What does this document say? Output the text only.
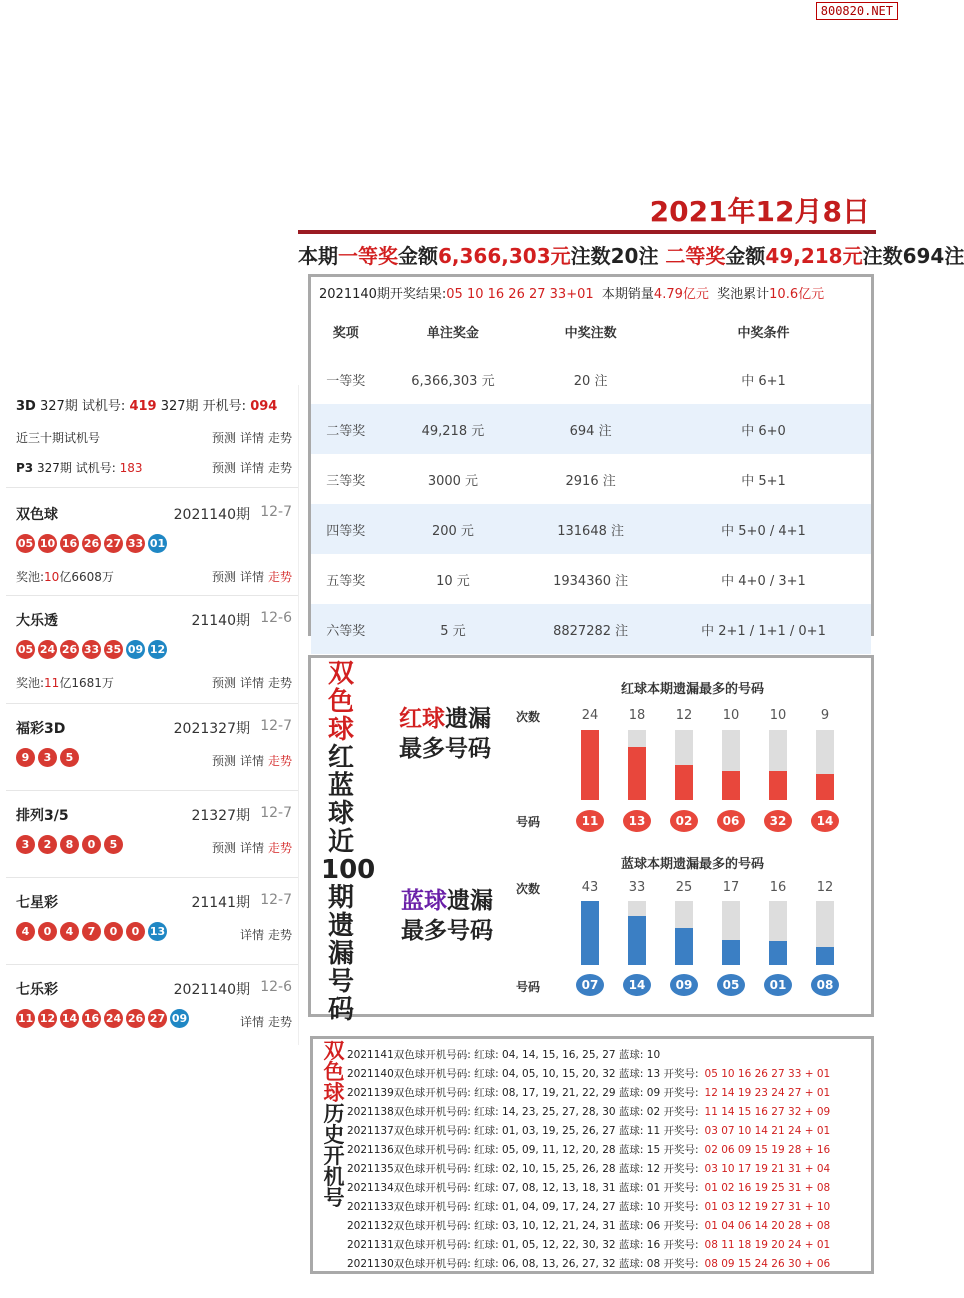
800820.NET
2021年12月8日
本期一等奖金额6,366,303元注数20注 二等奖金额49,218元注数694注
2021140期开奖结果:05 10 16 26 27 33+01 本期销量4.79亿元 奖池累计10.6亿元
奖项	单注奖金	中奖注数	中奖条件
一等奖	6,366,303 元	20 注	中 6+1
二等奖	49,218 元	694 注	中 6+0
三等奖	3000 元	2916 注	中 5+1
四等奖	200 元	131648 注	中 5+0 / 4+1
五等奖	10 元	1934360 注	中 4+0 / 3+1
六等奖	5 元	8827282 注	中 2+1 / 1+1 / 0+1
3D 327期 试机号: 419 327期 开机号: 094
近三十期试机号	预测 详情 走势
P3 327期 试机号: 183	预测 详情 走势
双色球	2021140期 12-7
05 10 16 26 27 33 01
奖池:10亿6608万	预测 详情 走势
大乐透	21140期 12-6
05 24 26 33 35 09 12
奖池:11亿1681万	预测 详情 走势
福彩3D	2021327期 12-7
9	3	5	预测 详情 走势
排列3/5	21327期 12-7
3	2	8	0	5	预测 详情 走势
七星彩	21141期 12-7
4	0	4	7	0	0 13	详情 走势
七乐彩	2021140期 12-6
11 12 14 16 24 26 27 09	详情 走势
双色球
红蓝球近100期遗漏号码
红球遗漏
最多号码
蓝球遗漏
最多号码
红球本期遗漏最多的号码
次数
号码
24
11
18
13
12
02
10
06
10
32
9
14
蓝球本期遗漏最多的号码
次数
号码
43
07
33
14
25
09
17
05
16
01
12
08
双色球
历史开机号
2021141双色球开机号码: 红球: 04, 14, 15, 16, 25, 27 蓝球: 10
2021140双色球开机号码: 红球: 04, 05, 10, 15, 20, 32 蓝球: 13 开奖号: 05 10 16 26 27 33 + 01
2021139双色球开机号码: 红球: 08, 17, 19, 21, 22, 29 蓝球: 09 开奖号: 12 14 19 23 24 27 + 01
2021138双色球开机号码: 红球: 14, 23, 25, 27, 28, 30 蓝球: 02 开奖号: 11 14 15 16 27 32 + 09
2021137双色球开机号码: 红球: 01, 03, 19, 25, 26, 27 蓝球: 11 开奖号: 03 07 10 14 21 24 + 01
2021136双色球开机号码: 红球: 05, 09, 11, 12, 20, 28 蓝球: 15 开奖号: 02 06 09 15 19 28 + 16
2021135双色球开机号码: 红球: 02, 10, 15, 25, 26, 28 蓝球: 12 开奖号: 03 10 17 19 21 31 + 04
2021134双色球开机号码: 红球: 07, 08, 12, 13, 18, 31 蓝球: 01 开奖号: 01 02 16 19 25 31 + 08
2021133双色球开机号码: 红球: 01, 04, 09, 17, 24, 27 蓝球: 10 开奖号: 01 03 12 19 27 31 + 10
2021132双色球开机号码: 红球: 03, 10, 12, 21, 24, 31 蓝球: 06 开奖号: 01 04 06 14 20 28 + 08
2021131双色球开机号码: 红球: 01, 05, 12, 22, 30, 32 蓝球: 16 开奖号: 08 11 18 19 20 24 + 01
2021130双色球开机号码: 红球: 06, 08, 13, 26, 27, 32 蓝球: 08 开奖号: 08 09 15 24 26 30 + 06
